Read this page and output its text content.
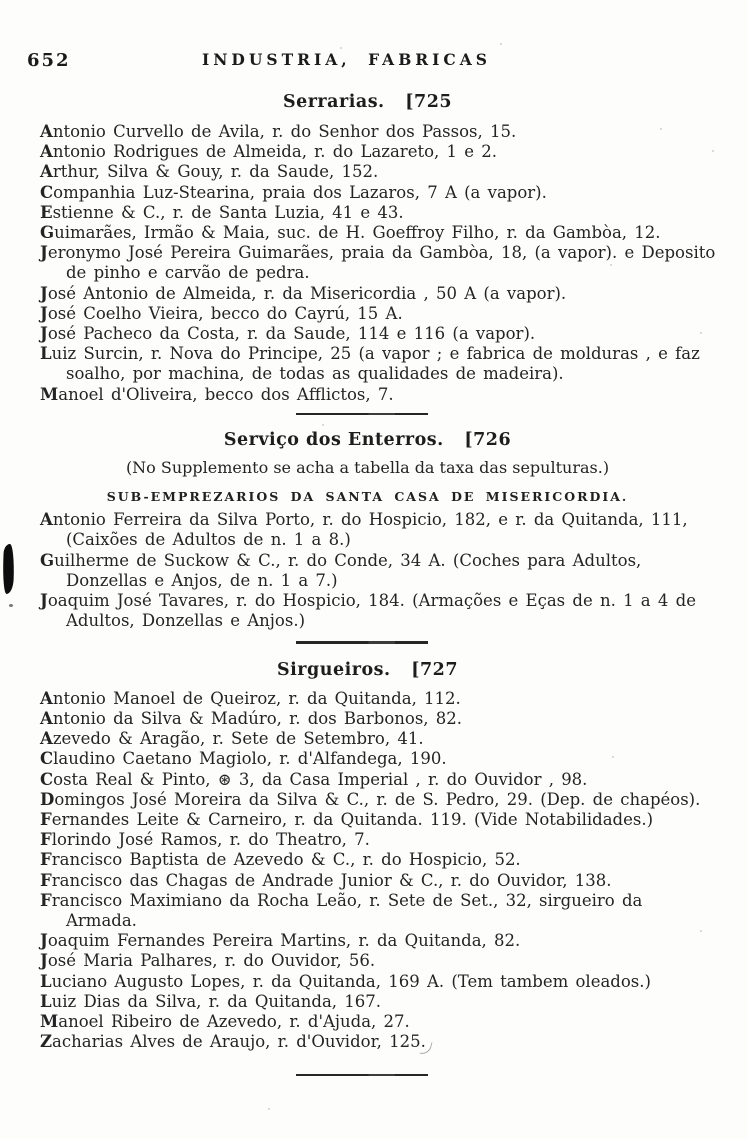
652	INDUSTRIA, FABRICAS
Serrarias. [725

Antonio Curvello de Avila, r. do Senhor dos Passos, 15.

Antonio Rodrigues de Almeida, r. do Lazareto, 1 e 2.

Arthur, Silva & Gouy, r. da Saude, 152.

Companhia Luz-Stearina, praia dos Lazaros, 7 A (a vapor).

Estienne & C., r. de Santa Luzia, 41 e 43.

Guimarães, Irmão & Maia, suc. de H. Goeffroy Filho, r. da Gambòa, 12.

Jeronymo José Pereira Guimarães, praia da Gambòa, 18, (a vapor). e Deposito de pinho e carvão de pedra.

José Antonio de Almeida, r. da Misericordia , 50 A (a vapor).

José Coelho Vieira, becco do Cayrú, 15 A.

José Pacheco da Costa, r. da Saude, 114 e 116 (a vapor).

Luiz Surcin, r. Nova do Principe, 25 (a vapor ; e fabrica de molduras , e faz soalho, por machina, de todas as qualidades de madeira).

Manoel d'Oliveira, becco dos Afflictos, 7.

Serviço dos Enterros. [726

(No Supplemento se acha a tabella da taxa das sepulturas.)

SUB-EMPREZARIOS DA SANTA CASA DE MISERICORDIA.

Antonio Ferreira da Silva Porto, r. do Hospicio, 182, e r. da Quitanda, 111, (Caixões de Adultos de n. 1 a 8.)

Guilherme de Suckow & C., r. do Conde, 34 A. (Coches para Adultos, Donzellas e Anjos, de n. 1 a 7.)

Joaquim José Tavares, r. do Hospicio, 184. (Armações e Eças de n. 1 a 4 de Adultos, Donzellas e Anjos.)

Sirgueiros. [727

Antonio Manoel de Queiroz, r. da Quitanda, 112.

Antonio da Silva & Madúro, r. dos Barbonos, 82.

Azevedo & Aragão, r. Sete de Setembro, 41.

Claudino Caetano Magiolo, r. d'Alfandega, 190.

Costa Real & Pinto, ⊛ 3, da Casa Imperial , r. do Ouvidor , 98.

Domingos José Moreira da Silva & C., r. de S. Pedro, 29. (Dep. de chapéos).

Fernandes Leite & Carneiro, r. da Quitanda. 119. (Vide Notabilidades.)

Florindo José Ramos, r. do Theatro, 7.

Francisco Baptista de Azevedo & C., r. do Hospicio, 52.

Francisco das Chagas de Andrade Junior & C., r. do Ouvidor, 138.

Francisco Maximiano da Rocha Leão, r. Sete de Set., 32, sirgueiro da Armada.

Joaquim Fernandes Pereira Martins, r. da Quitanda, 82.

José Maria Palhares, r. do Ouvidor, 56.

Luciano Augusto Lopes, r. da Quitanda, 169 A. (Tem tambem oleados.)

Luiz Dias da Silva, r. da Quitanda, 167.

Manoel Ribeiro de Azevedo, r. d'Ajuda, 27.

Zacharias Alves de Araujo, r. d'Ouvidor, 125.
